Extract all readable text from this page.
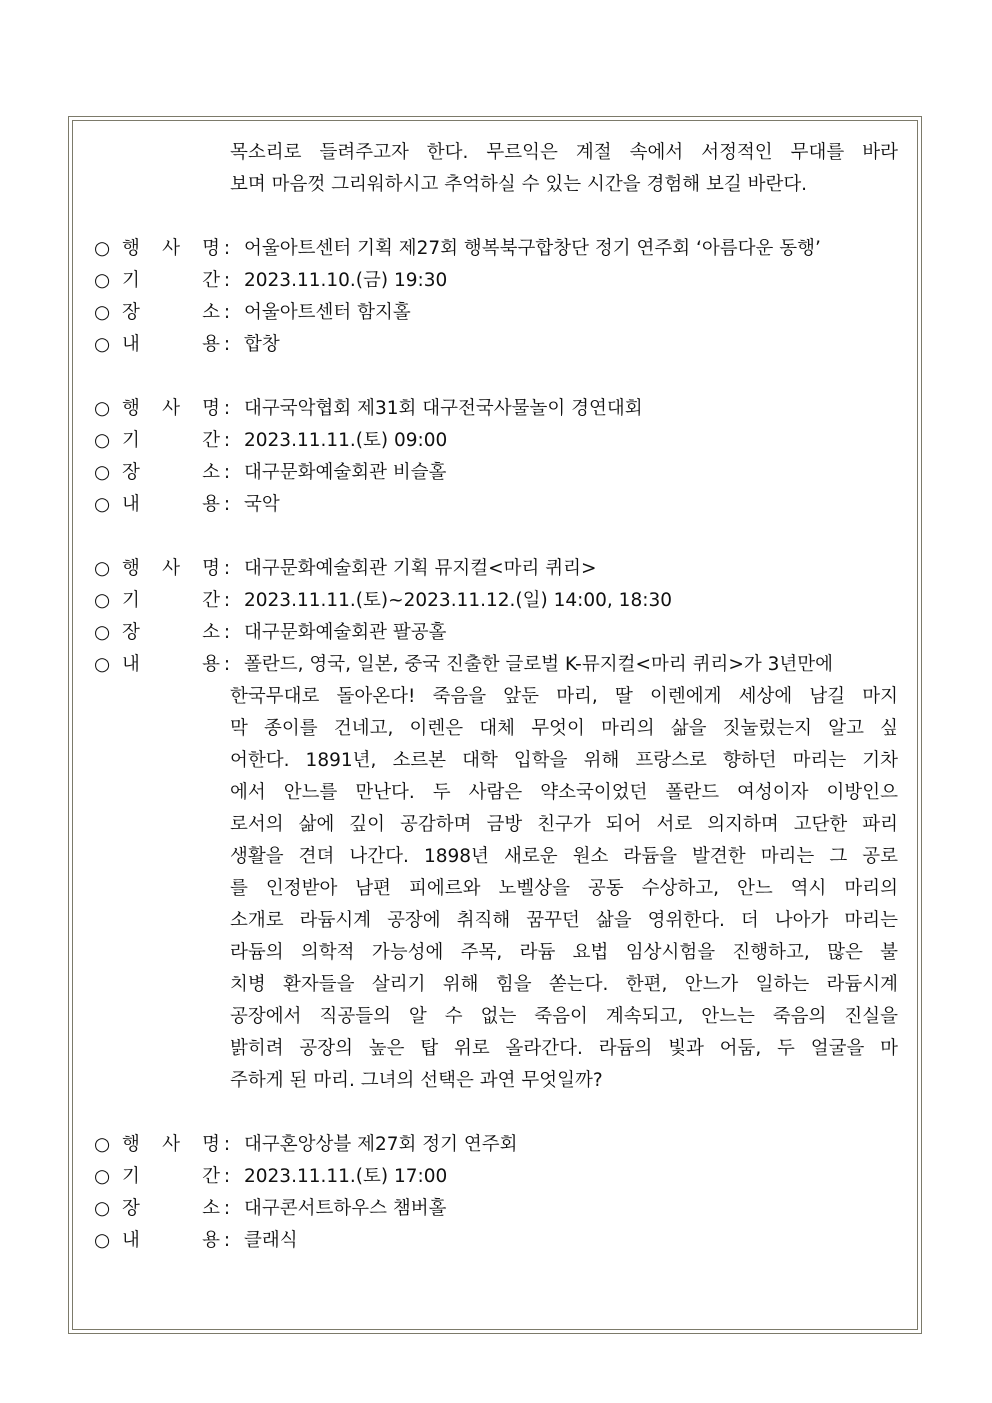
목소리로 들려주고자 한다. 무르익은 계절 속에서 서정적인 무대를 바라
보며 마음껏 그리워하시고 추억하실 수 있는 시간을 경험해 보길 바란다.
○ 행 사 명 : 어울아트센터 기획 제27회 행복북구합창단 정기 연주회 ‘아름다운 동행’
○ 기	간 : 2023.11.10.(금) 19:30
○ 장	소 : 어울아트센터 함지홀
○ 내	용 : 합창
○ 행 사 명 : 대구국악협회 제31회 대구전국사물놀이 경연대회
○ 기	간 : 2023.11.11.(토) 09:00
○ 장	소 : 대구문화예술회관 비슬홀
○ 내	용 : 국악
○ 행 사 명 : 대구문화예술회관 기획 뮤지컬<마리 퀴리>
○ 기	간 : 2023.11.11.(토)~2023.11.12.(일) 14:00, 18:30
○ 장	소 : 대구문화예술회관 팔공홀
○ 내	용 : 폴란드, 영국, 일본, 중국 진출한 글로벌 K-뮤지컬<마리 퀴리>가 3년만에
한국무대로 돌아온다! 죽음을 앞둔 마리, 딸 이렌에게 세상에 남길 마지
막 종이를 건네고, 이렌은 대체 무엇이 마리의 삶을 짓눌렀는지 알고 싶
어한다. 1891년, 소르본 대학 입학을 위해 프랑스로 향하던 마리는 기차
에서 안느를 만난다. 두 사람은 약소국이었던 폴란드 여성이자 이방인으
로서의 삶에 깊이 공감하며 금방 친구가 되어 서로 의지하며 고단한 파리
생활을 견뎌 나간다. 1898년 새로운 원소 라듐을 발견한 마리는 그 공로
를 인정받아 남편 피에르와 노벨상을 공동 수상하고, 안느 역시 마리의
소개로 라듐시계 공장에 취직해 꿈꾸던 삶을 영위한다. 더 나아가 마리는
라듐의 의학적 가능성에 주목, 라듐 요법 임상시험을 진행하고, 많은 불
치병 환자들을 살리기 위해 힘을 쏟는다. 한편, 안느가 일하는 라듐시계
공장에서 직공들의 알 수 없는 죽음이 계속되고, 안느는 죽음의 진실을
밝히려 공장의 높은 탑 위로 올라간다. 라듐의 빛과 어둠, 두 얼굴을 마
주하게 된 마리. 그녀의 선택은 과연 무엇일까?
○ 행 사 명 : 대구혼앙상블 제27회 정기 연주회
○ 기	간 : 2023.11.11.(토) 17:00
○ 장	소 : 대구콘서트하우스 챔버홀
○ 내	용 : 클래식
